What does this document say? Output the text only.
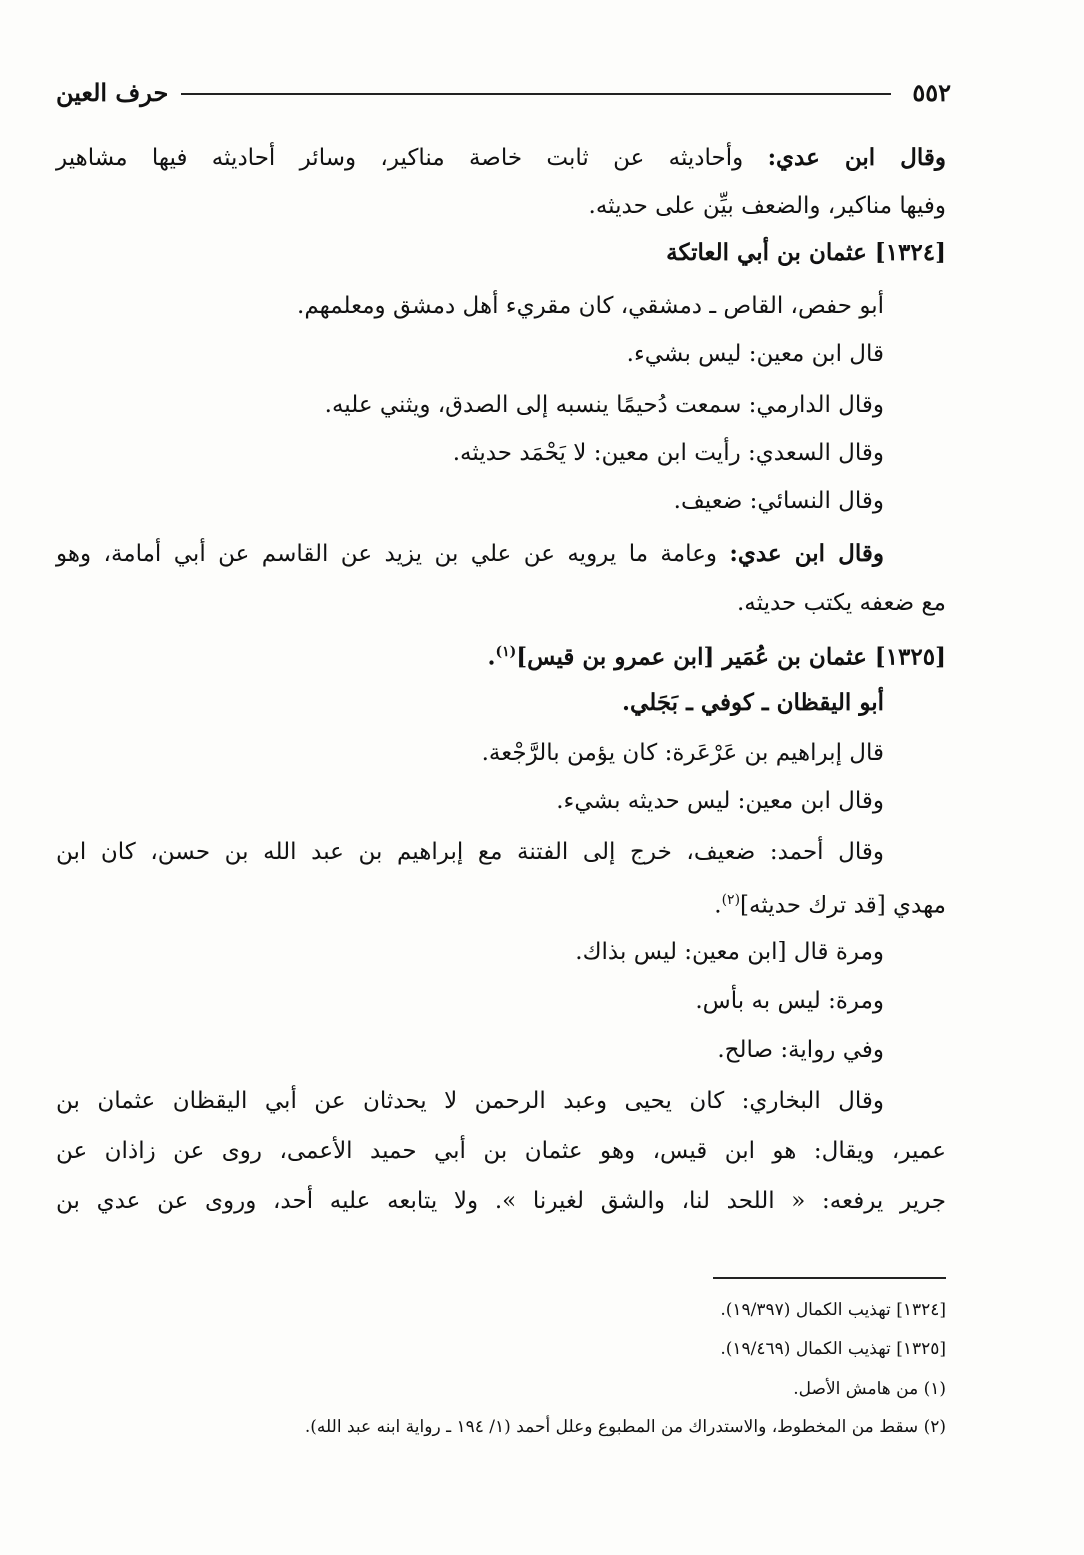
٥٥٢
حرف العين
وقال ابن عدي: وأحاديثه عن ثابت خاصة مناكير، وسائر أحاديثه فيها مشاهير
وفيها مناكير، والضعف بيِّن على حديثه.
[١٣٢٤] عثمان بن أبي العاتكة
أبو حفص، القاص ـ دمشقي، كان مقريء أهل دمشق ومعلمهم.
قال ابن معين: ليس بشيء.
وقال الدارمي: سمعت دُحيمًا ينسبه إلى الصدق، ويثني عليه.
وقال السعدي: رأيت ابن معين: لا يَحْمَد حديثه.
وقال النسائي: ضعيف.
وقال ابن عدي: وعامة ما يرويه عن علي بن يزيد عن القاسم عن أبي أمامة، وهو
مع ضعفه يكتب حديثه.
[١٣٢٥] عثمان بن عُمَير [ابن عمرو بن قيس]$^{(١)}$.
أبو اليقظان ـ كوفي ـ بَجَلي.
قال إبراهيم بن عَرْعَرة: كان يؤمن بالرَّجْعة.
وقال ابن معين: ليس حديثه بشيء.
وقال أحمد: ضعيف، خرج إلى الفتنة مع إبراهيم بن عبد الله بن حسن، كان ابن
مهدي [قد ترك حديثه]$^{(٢)}$.
ومرة قال [ابن معين: ليس بذاك.
ومرة: ليس به بأس.
وفي رواية: صالح.
وقال البخاري: كان يحيى وعبد الرحمن لا يحدثان عن أبي اليقظان عثمان بن
عمير، ويقال: هو ابن قيس، وهو عثمان بن أبي حميد الأعمى، روى عن زاذان عن
جرير يرفعه: « اللحد لنا، والشق لغيرنا ». ولا يتابعه عليه أحد، وروى عن عدي بن
[١٣٢٤] تهذيب الكمال (١٩/٣٩٧).
[١٣٢٥] تهذيب الكمال (١٩/٤٦٩).
(١) من هامش الأصل.
(٢) سقط من المخطوط، والاستدراك من المطبوع وعلل أحمد (١/ ١٩٤ ـ رواية ابنه عبد الله).
